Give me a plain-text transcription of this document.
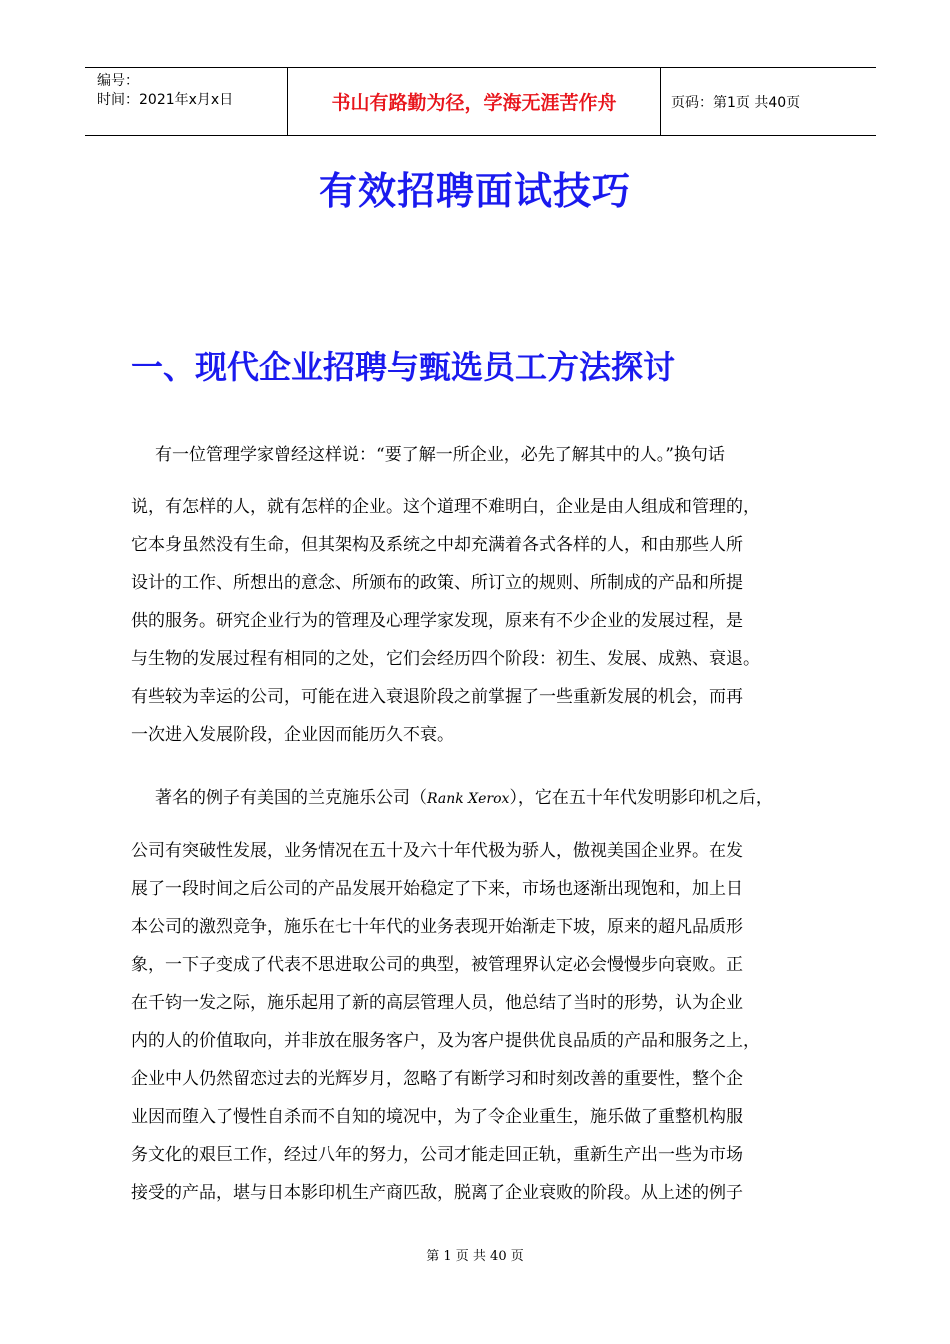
编号：
时间：2021年x月x日	书山有路勤为径，学海无涯苦作舟	页码：第1页 共40页
有效招聘面试技巧
一、现代企业招聘与甄选员工方法探讨
有一位管理学家曾经这样说：“要了解一所企业，必先了解其中的人。”换句话
说，有怎样的人，就有怎样的企业。这个道理不难明白，企业是由人组成和管理的，
它本身虽然没有生命，但其架构及系统之中却充满着各式各样的人，和由那些人所
设计的工作、所想出的意念、所颁布的政策、所订立的规则、所制成的产品和所提
供的服务。研究企业行为的管理及心理学家发现，原来有不少企业的发展过程，是
与生物的发展过程有相同的之处，它们会经历四个阶段：初生、发展、成熟、衰退。
有些较为幸运的公司，可能在进入衰退阶段之前掌握了一些重新发展的机会，而再
一次进入发展阶段，企业因而能历久不衰。
著名的例子有美国的兰克施乐公司（Rank Xerox），它在五十年代发明影印机之后，
公司有突破性发展，业务情况在五十及六十年代极为骄人，傲视美国企业界。在发
展了一段时间之后公司的产品发展开始稳定了下来，市场也逐渐出现饱和，加上日
本公司的激烈竞争，施乐在七十年代的业务表现开始渐走下坡，原来的超凡品质形
象，一下子变成了代表不思进取公司的典型，被管理界认定必会慢慢步向衰败。正
在千钧一发之际，施乐起用了新的高层管理人员，他总结了当时的形势，认为企业
内的人的价值取向，并非放在服务客户，及为客户提供优良品质的产品和服务之上，
企业中人仍然留恋过去的光辉岁月，忽略了有断学习和时刻改善的重要性，整个企
业因而堕入了慢性自杀而不自知的境况中，为了令企业重生，施乐做了重整机构服
务文化的艰巨工作，经过八年的努力，公司才能走回正轨，重新生产出一些为市场
接受的产品，堪与日本影印机生产商匹敌，脱离了企业衰败的阶段。从上述的例子
第 1 页 共 40 页
